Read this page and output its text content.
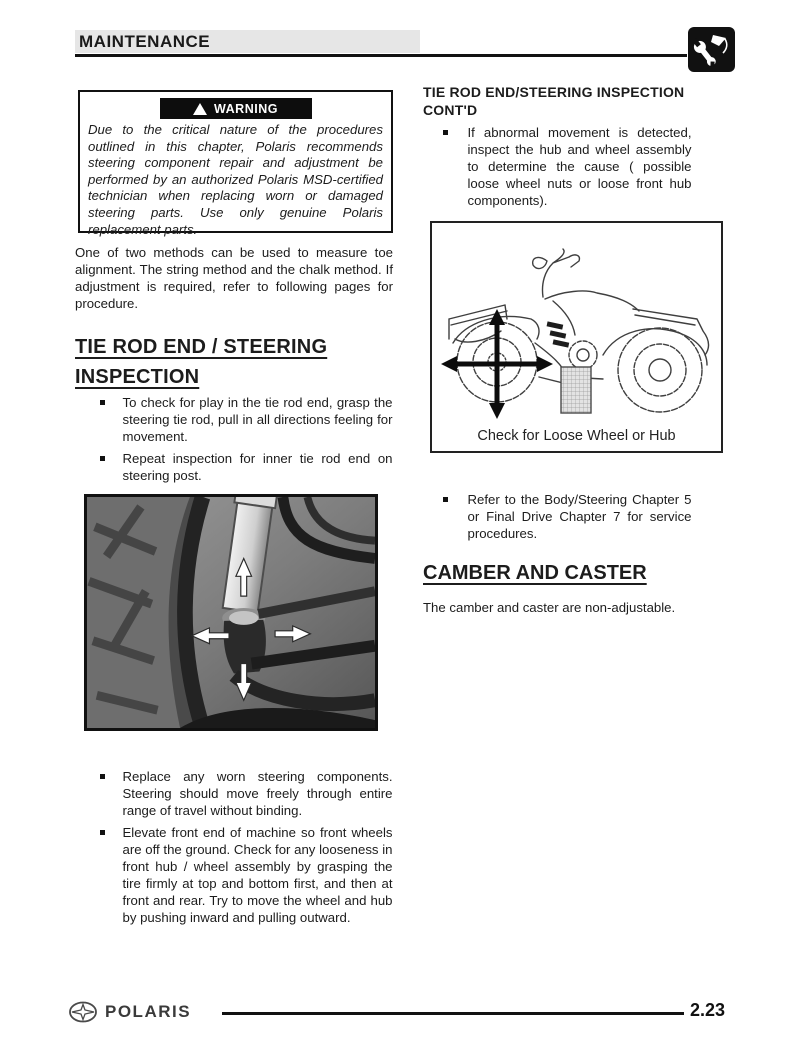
MAINTENANCE
WARNING
Due to the critical nature of the procedures outlined in this chapter, Polaris recommends steering component repair and adjustment be performed by an authorized Polaris MSD-certified technician when replacing worn or damaged steering parts. Use only genuine Polaris replacement parts.

One of two methods can be used to measure toe alignment. The string method and the chalk method. If adjustment is required, refer to following pages for procedure.

TIE ROD END / STEERING INSPECTION
To check for play in the tie rod end, grasp the steering tie rod, pull in all directions feeling for movement.
Repeat inspection for inner tie rod end on steering post.
Replace any worn steering components. Steering should move freely through entire range of travel without binding.
Elevate front end of machine so front wheels are off the ground. Check for any looseness in front hub / wheel assembly by grasping the tire firmly at top and bottom first, and then at front and rear. Try to move the wheel and hub by pushing inward and pulling outward.
TIE ROD END/STEERING INSPECTION CONT'D
If abnormal movement is detected, inspect the hub and wheel assembly to determine the cause ( possible loose wheel nuts or loose front hub components).
Check for Loose Wheel or Hub
Refer to the Body/Steering Chapter 5 or Final Drive Chapter 7 for service procedures.
CAMBER AND CASTER

The camber and caster are non-adjustable.

POLARIS	2.23
